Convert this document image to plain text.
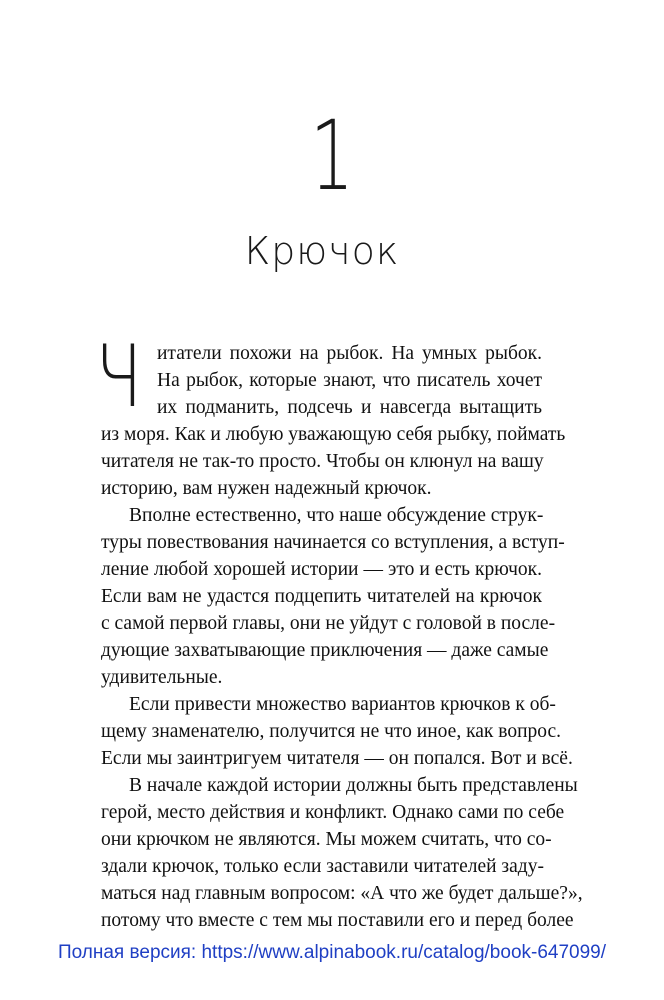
1
Крючок
Ч итатели похожи на рыбок. На умных рыбок.
На рыбок, которые знают, что писатель хочет
их подманить, подсечь и навсегда вытащить
из моря. Как и любую уважающую себя рыбку, поймать
читателя не так-то просто. Чтобы он клюнул на вашу
историю, вам нужен надежный крючок.
Вполне естественно, что наше обсуждение струк-
туры повествования начинается со вступления, а вступ-
ление любой хорошей истории — это и есть крючок.
Если вам не удастся подцепить читателей на крючок
с самой первой главы, они не уйдут с головой в после-
дующие захватывающие приключения — даже самые
удивительные.
Если привести множество вариантов крючков к об-
щему знаменателю, получится не что иное, как вопрос.
Если мы заинтригуем читателя — он попался. Вот и всё.
В начале каждой истории должны быть представлены
герой, место действия и конфликт. Однако сами по себе
они крючком не являются. Мы можем считать, что со-
здали крючок, только если заставили читателей заду-
маться над главным вопросом: «А что же будет дальше?»,
потому что вместе с тем мы поставили его и перед более
Полная версия: https://www.alpinabook.ru/catalog/book-647099/
